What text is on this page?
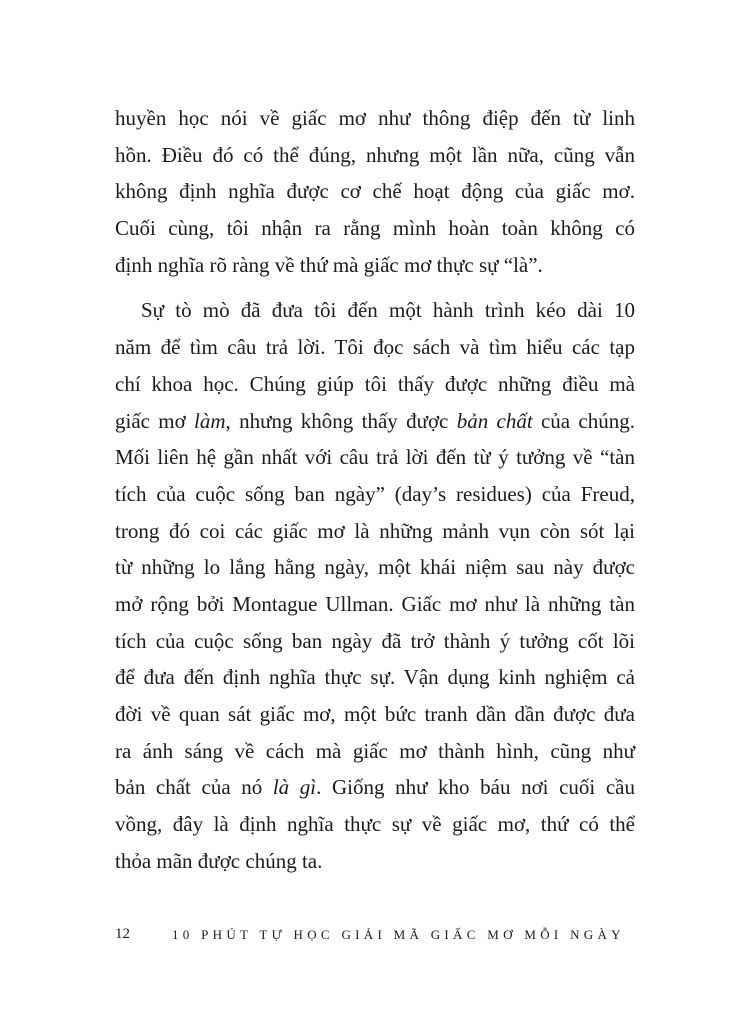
huyền học nói về giấc mơ như thông điệp đến từ linh
hồn. Điều đó có thể đúng, nhưng một lần nữa, cũng vẫn
không định nghĩa được cơ chế hoạt động của giấc mơ.
Cuối cùng, tôi nhận ra rằng mình hoàn toàn không có
định nghĩa rõ ràng về thứ mà giấc mơ thực sự “là”.
Sự tò mò đã đưa tôi đến một hành trình kéo dài 10
năm để tìm câu trả lời. Tôi đọc sách và tìm hiểu các tạp
chí khoa học. Chúng giúp tôi thấy được những điều mà
giấc mơ làm, nhưng không thấy được bản chất của chúng.
Mối liên hệ gần nhất với câu trả lời đến từ ý tưởng về “tàn
tích của cuộc sống ban ngày” (day’s residues) của Freud,
trong đó coi các giấc mơ là những mảnh vụn còn sót lại
từ những lo lắng hằng ngày, một khái niệm sau này được
mở rộng bởi Montague Ullman. Giấc mơ như là những tàn
tích của cuộc sống ban ngày đã trở thành ý tưởng cốt lõi
để đưa đến định nghĩa thực sự. Vận dụng kinh nghiệm cả
đời về quan sát giấc mơ, một bức tranh dần dần được đưa
ra ánh sáng về cách mà giấc mơ thành hình, cũng như
bản chất của nó là gì. Giống như kho báu nơi cuối cầu
vồng, đây là định nghĩa thực sự về giấc mơ, thứ có thể
thỏa mãn được chúng ta.
12	10 PHÚT TỰ HỌC GIẢI MÃ GIẤC MƠ MỖI NGÀY
